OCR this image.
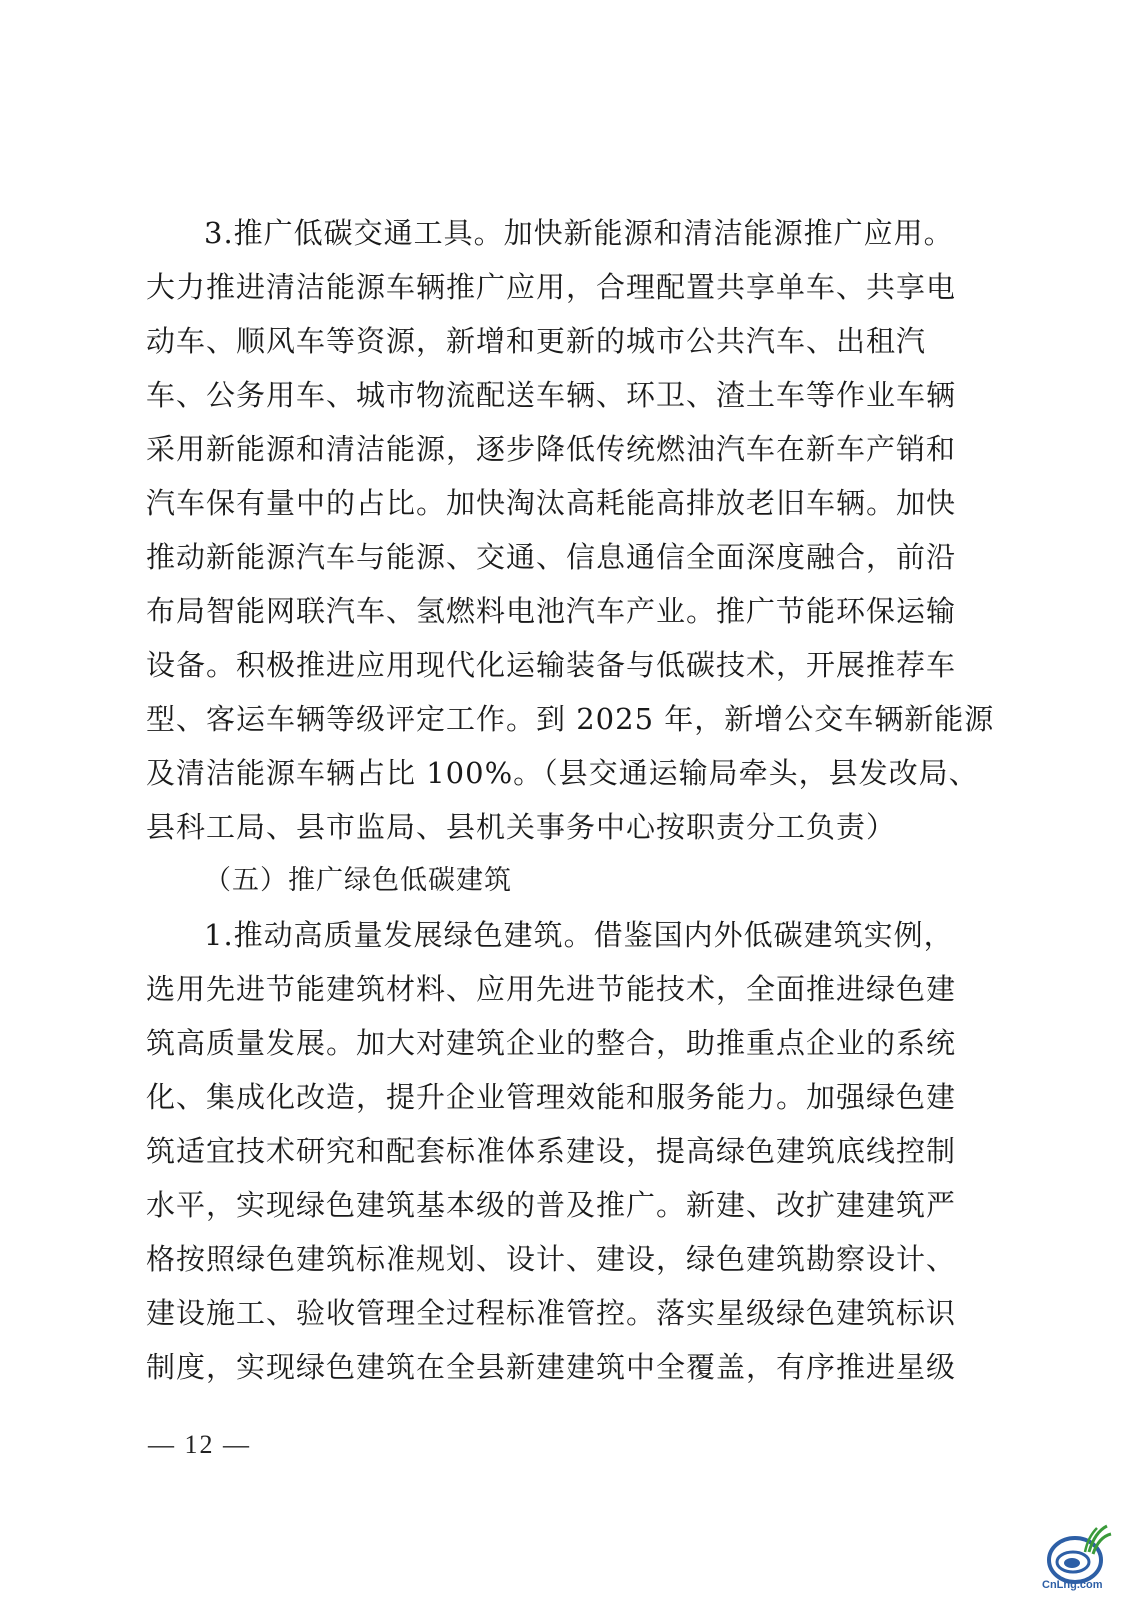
3.推广低碳交通工具。加快新能源和清洁能源推广应用。
大力推进清洁能源车辆推广应用，合理配置共享单车、共享电
动车、顺风车等资源，新增和更新的城市公共汽车、出租汽
车、公务用车、城市物流配送车辆、环卫、渣土车等作业车辆
采用新能源和清洁能源，逐步降低传统燃油汽车在新车产销和
汽车保有量中的占比。加快淘汰高耗能高排放老旧车辆。加快
推动新能源汽车与能源、交通、信息通信全面深度融合，前沿
布局智能网联汽车、氢燃料电池汽车产业。推广节能环保运输
设备。积极推进应用现代化运输装备与低碳技术，开展推荐车
型、客运车辆等级评定工作。到 2025 年，新增公交车辆新能源
及清洁能源车辆占比 100%。（县交通运输局牵头，县发改局、
县科工局、县市监局、县机关事务中心按职责分工负责）
（五）推广绿色低碳建筑
1.推动高质量发展绿色建筑。借鉴国内外低碳建筑实例，
选用先进节能建筑材料、应用先进节能技术，全面推进绿色建
筑高质量发展。加大对建筑企业的整合，助推重点企业的系统
化、集成化改造，提升企业管理效能和服务能力。加强绿色建
筑适宜技术研究和配套标准体系建设，提高绿色建筑底线控制
水平，实现绿色建筑基本级的普及推广。新建、改扩建建筑严
格按照绿色建筑标准规划、设计、建设，绿色建筑勘察设计、
建设施工、验收管理全过程标准管控。落实星级绿色建筑标识
制度，实现绿色建筑在全县新建建筑中全覆盖，有序推进星级
— 12 —
CnLng.com
